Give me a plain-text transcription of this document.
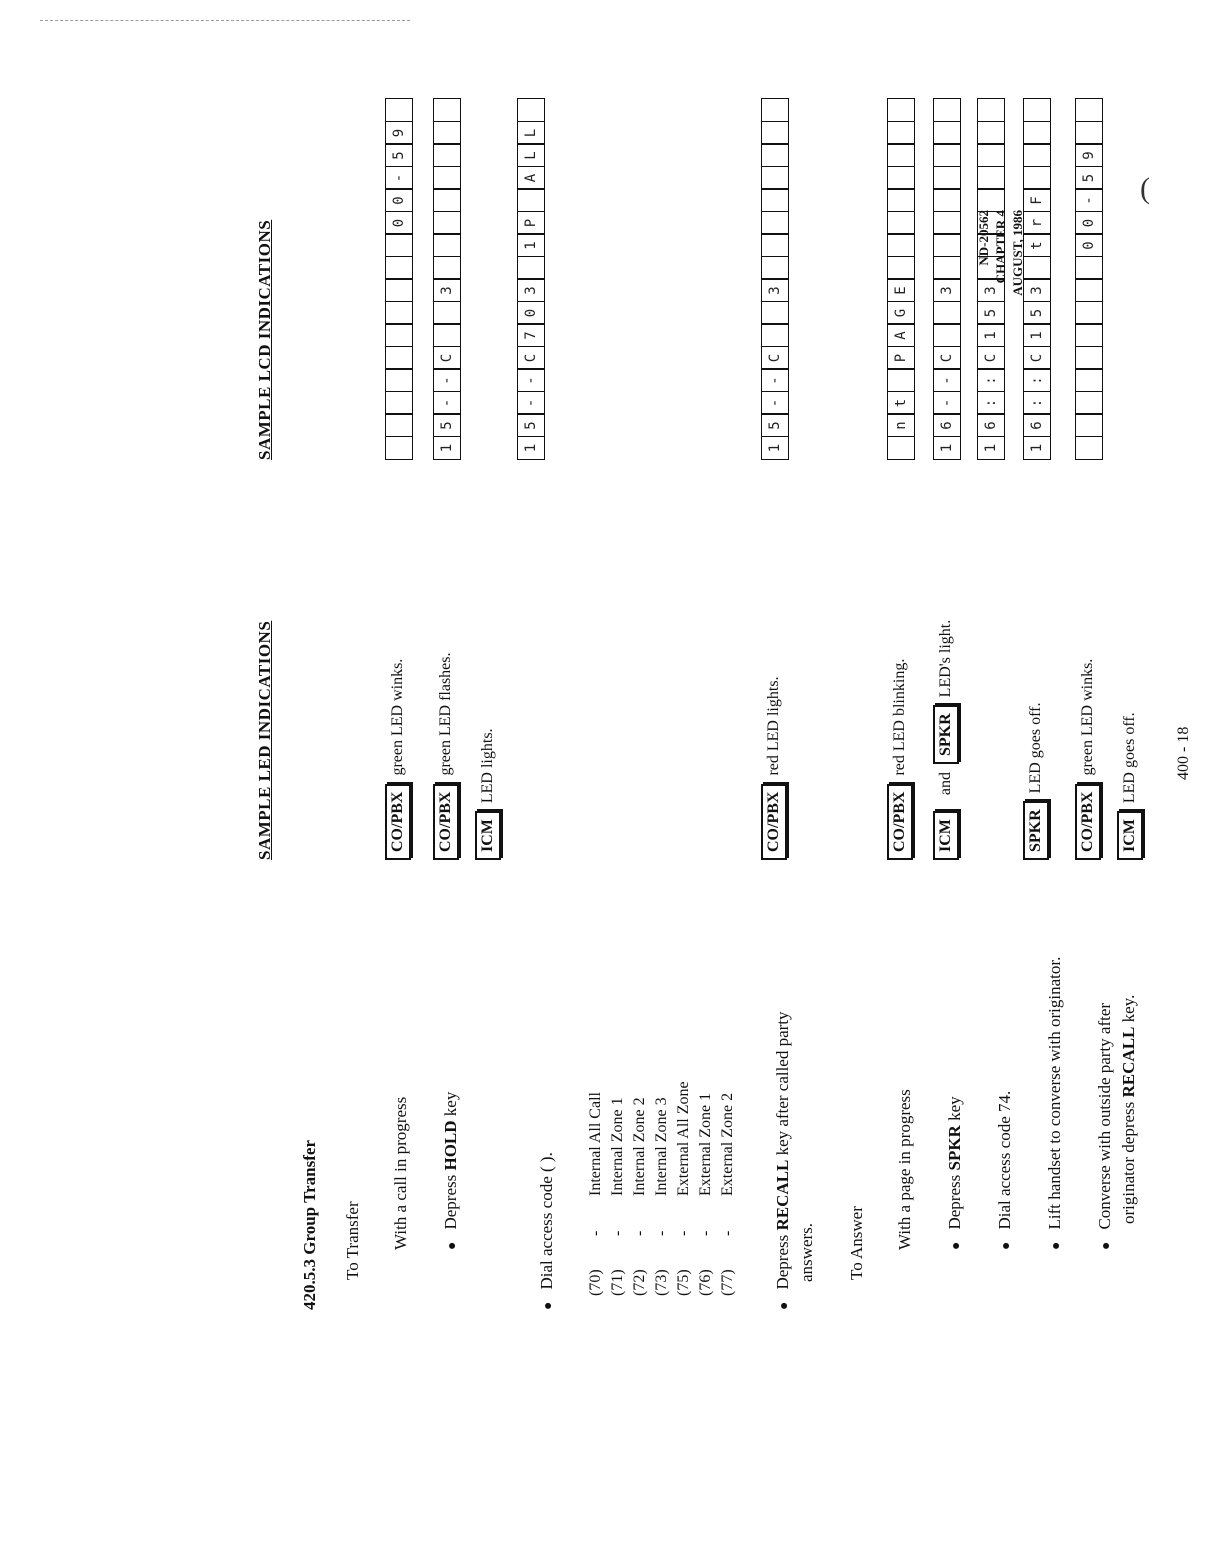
(
ND-20562 CHAPTER 4 AUGUST, 1986
420.5.3 Group Transfer To Transfer With a call in progress ● Depress HOLD key
● Dial access code ( ). (70)-Internal All Call
(71)-Internal Zone 1
(72)-Internal Zone 2
(73)-Internal Zone 3
(75)-External All Zone
(76)-External Zone 1
(77)-External Zone 2
● Depress RECALL key after called party
answers. To Answer With a page in progress ● Depress SPKR key ● Dial access code 74. ● Lift handset to converse with originator. ● Converse with outside party after originator depress RECALL key.
SAMPLE LED INDICATIONS	CO/PBX
green LED winks.
CO/PBX
green LED flashes.
ICM
LED lights.
CO/PBX
red LED lights.
CO/PBX
red LED blinking.
ICM
and
SPKR
LED's light.
SPKR
LED goes off.
CO/PBX
green LED winks.
ICM
LED goes off. 400 - 18
SAMPLE LCD INDICATIONS	0
0
-
5
9
1
5
-
-
C
3
1
5
-
-
C
7
0
3
1
P
A
L
L
1
5
-
-
C
3
n
t
P
A
G
E
1
6
-
-
C
3
1
6
:
:
C
1
5
3
1
6
:
:
C
1
5
3
t
r
F
0
0
-
5
9
